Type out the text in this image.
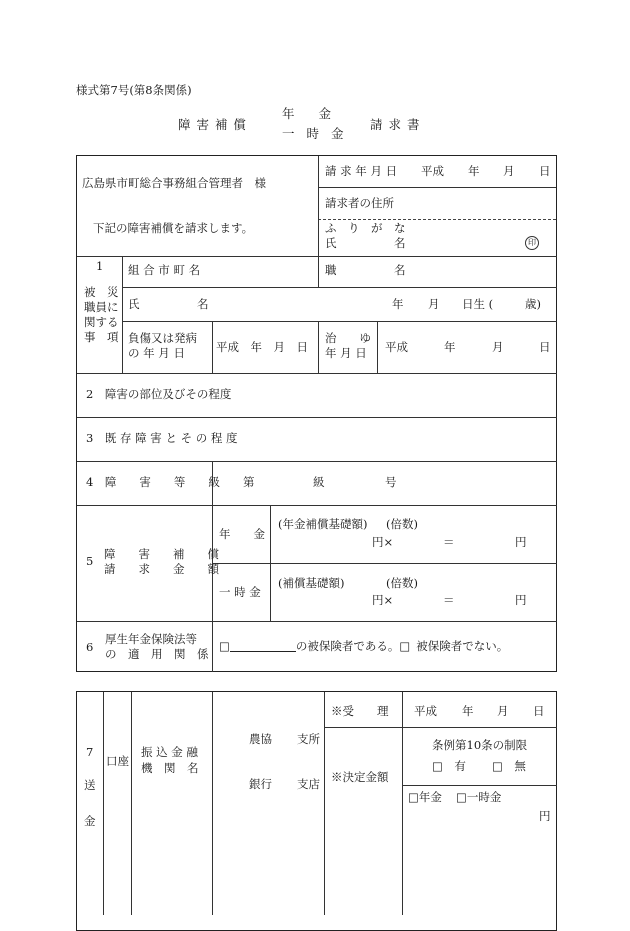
様式第7号(第8条関係)
障 害 補 償
年 金
一 時 金
請 求 書
広島県市町総合事務組合管理者　様
下記の障害補償を請求します。
請 求 年 月 日 平成 年 月 日
請求者の住所
ふ　り　が　な
氏　　　　　名	印
1
被　災
職員に
関する
事　項
組 合 市 町 名	職　　　　　名
氏　　　　　名	年 月 日生 (	歳)
負傷又は発病
の 年 月 日	平成　年　月　日
治　　ゆ
年 月 日 平成	年	月	日
2　障害の部位及びその程度
3　既 存 障 害 と そ の 程 度
4　障　　害　　等　　級 第	級	号
5 障　　害　　補　　償
請　　求　　金　　額
年　　金
(年金補償基礎額) (倍数)
円×	＝	円
一 時 金
(補償基礎額)	(倍数)
円×	＝	円
6
厚生年金保険法等
の　適　用　関　係
□	の被保険者である。□ 被保険者でない。
7
送
金
口座
振 込 金 融
機　関　名
農協 支所
銀行 支店
※受　　理 平成 年 月 日
※決定金額
条例第10条の制限
□　有 □　無
□年金 □一時金
円
